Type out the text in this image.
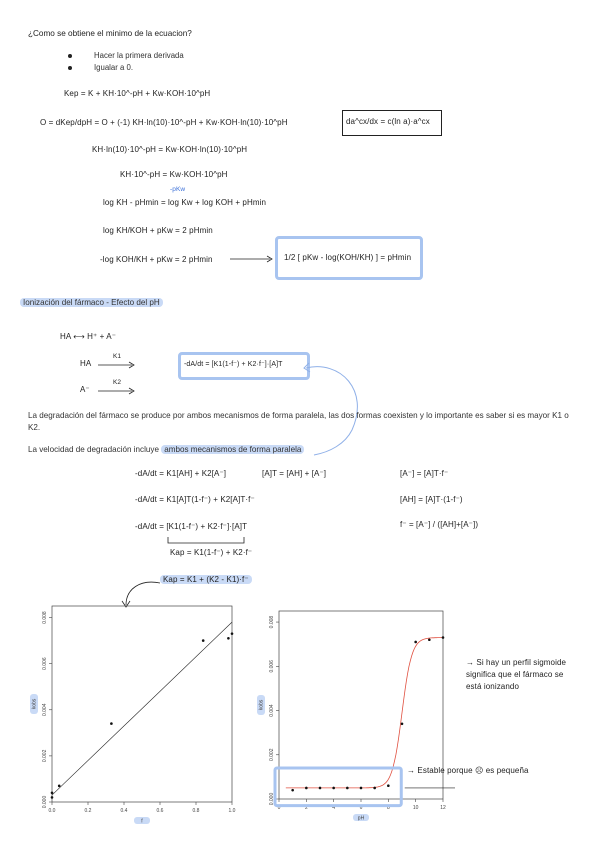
¿Como se obtiene el minimo de la ecuacion?
Hacer la primera derivada
Igualar a 0.
Kep = K + KH·10^-pH + Kw·KOH·10^pH
O = dKep/dpH = O + (-1) KH·ln(10)·10^-pH + Kw·KOH·ln(10)·10^pH	da^cx/dx = c(ln a)·a^cx
KH·ln(10)·10^-pH = Kw·KOH·ln(10)·10^pH
KH·10^-pH = Kw·KOH·10^pH
-pKw
log KH - pHmin = log Kw + log KOH + pHmin
log KH/KOH + pKw = 2 pHmin
-log KOH/KH + pKw = 2 pHmin	1/2 [ pKw - log(KOH/KH) ] = pHmin
Ionización del fármaco - Efecto del pH
HA ⟷ H⁺ + A⁻
HA
K1
A⁻
K2
-dA/dt = [K1(1-f⁻) + K2·f⁻]·[A]T
La degradación del fármaco se produce por ambos mecanismos de forma paralela, las dos formas coexisten y lo importante es saber si es mayor K1 o K2.
La velocidad de degradación incluye ambos mecanismos de forma paralela
-dA/dt = K1[AH] + K2[A⁻]	[A]T = [AH] + [A⁻]	[A⁻] = [A]T·f⁻
-dA/dt = K1[A]T(1-f⁻) + K2[A]T·f⁻	[AH] = [A]T·(1-f⁻)
-dA/dt = [K1(1-f⁻) + K2·f⁻]·[A]T	f⁻ = [A⁻] / ([AH]+[A⁻])
Kap = K1(1-f⁻) + K2·f⁻
Kap = K1 + (K2 - K1)·f⁻
0.0	0.2	0.4	0.6	0.8	1.0
0.000
0.002
0.004
0.006
0.008
f
kobs
0	2	4	6	8	10	12
0.000
0.002
0.004
0.006
0.008
pH
kobs
→ Si hay un perfil sigmoide significa que el fármaco se está ionizando
→ Estable porque ☹ es pequeña
